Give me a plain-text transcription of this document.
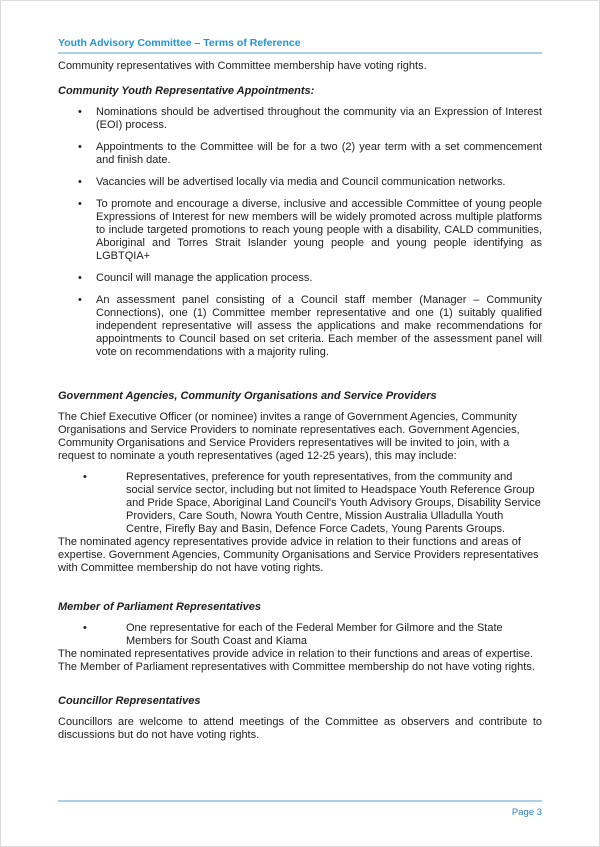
Youth Advisory Committee – Terms of Reference

Community representatives with Committee membership have voting rights.

Community Youth Representative Appointments:
• Nominations should be advertised throughout the community via an Expression of Interest (EOI) process.
• Appointments to the Committee will be for a two (2) year term with a set commencement and finish date.
• Vacancies will be advertised locally via media and Council communication networks.
• To promote and encourage a diverse, inclusive and accessible Committee of young people Expressions of Interest for new members will be widely promoted across multiple platforms to include targeted promotions to reach young people with a disability, CALD communities, Aboriginal and Torres Strait Islander young people and young people identifying as LGBTQIA+
• Council will manage the application process.
• An assessment panel consisting of a Council staff member (Manager – Community Connections), one (1) Committee member representative and one (1) suitably qualified independent representative will assess the applications and make recommendations for appointments to Council based on set criteria. Each member of the assessment panel will vote on recommendations with a majority ruling.
Government Agencies, Community Organisations and Service Providers

The Chief Executive Officer (or nominee) invites a range of Government Agencies, Community Organisations and Service Providers to nominate representatives each. Government Agencies, Community Organisations and Service Providers representatives will be invited to join, with a request to nominate a youth representatives (aged 12-25 years), this may include:

•	Representatives, preference for youth representatives, from the community and social service sector, including but not limited to Headspace Youth Reference Group and Pride Space, Aboriginal Land Council's Youth Advisory Groups, Disability Service Providers, Care South, Nowra Youth Centre, Mission Australia Ulladulla Youth Centre, Firefly Bay and Basin, Defence Force Cadets, Young Parents Groups.

The nominated agency representatives provide advice in relation to their functions and areas of expertise. Government Agencies, Community Organisations and Service Providers representatives with Committee membership do not have voting rights.

Member of Parliament Representatives
•	One representative for each of the Federal Member for Gilmore and the State Members for South Coast and Kiama

The nominated representatives provide advice in relation to their functions and areas of expertise. The Member of Parliament representatives with Committee membership do not have voting rights.

Councillor Representatives

Councillors are welcome to attend meetings of the Committee as observers and contribute to discussions but do not have voting rights.

Page 3
